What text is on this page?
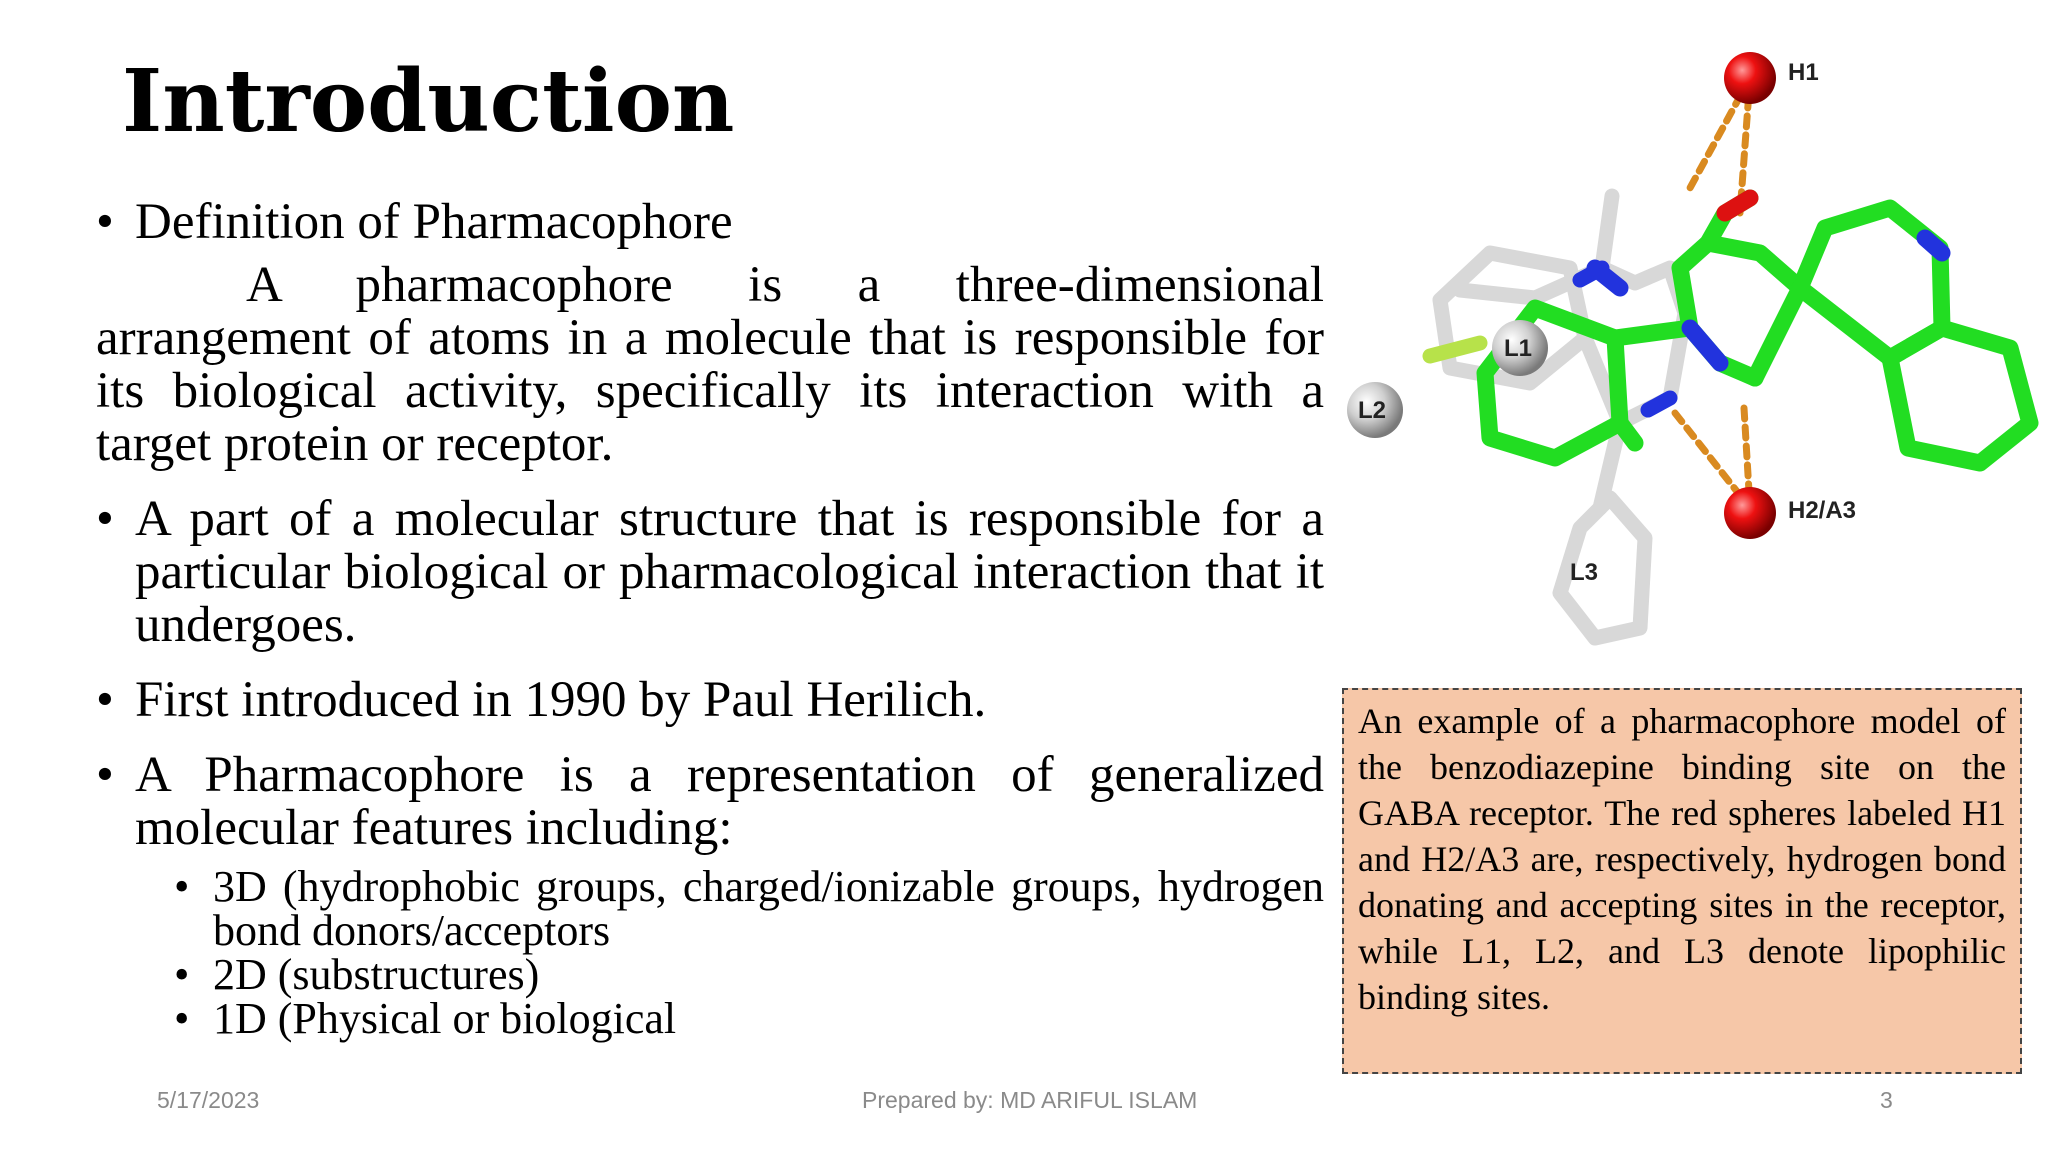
Introduction
• Definition of Pharmacophore
A pharmacophore is a three-dimensional arrangement of atoms in a molecule that is responsible for its biological activity, specifically its interaction with a target protein or receptor.
• A part of a molecular structure that is responsible for a particular biological or pharmacological interaction that it undergoes.
• First introduced in 1990 by Paul Herilich.
• A Pharmacophore is a representation of generalized molecular features including:
• 3D (hydrophobic groups, charged/ionizable groups, hydrogen bond donors/acceptors
• 2D (substructures)
• 1D (Physical or biological
H1
H2/A3
L1
L2
L3
An example of a pharmacophore model of the benzodiazepine binding site on the GABA receptor. The red spheres labeled H1 and H2/A3 are, respectively, hydrogen bond donating and accepting sites in the receptor, while L1, L2, and L3 denote lipophilic binding sites.
5/17/2023	Prepared by: MD ARIFUL ISLAM	3
